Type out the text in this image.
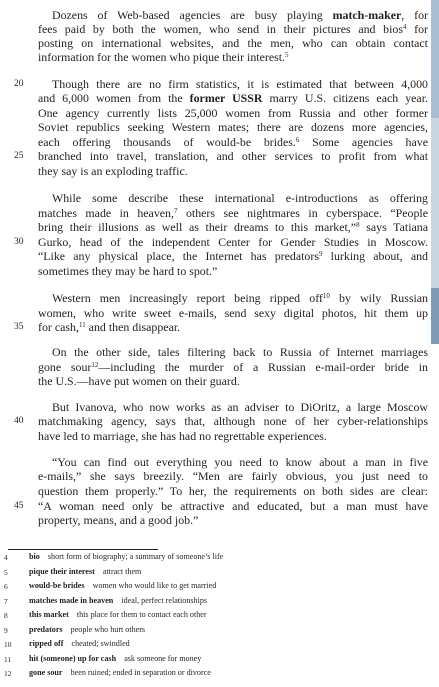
Dozens of Web-based agencies are busy playing match-maker, for
fees paid by both the women, who send in their pictures and bios$^4$ for
posting on international websites, and the men, who can obtain contact
information for the women who pique their interest.$^5$
Though there are no firm statistics, it is estimated that between 4,000
and 6,000 women from the former USSR marry U.S. citizens each year.
One agency currently lists 25,000 women from Russia and other former
Soviet republics seeking Western mates; there are dozens more agencies,
each offering thousands of would-be brides.$^6$ Some agencies have
branched into travel, translation, and other services to profit from what
they say is an exploding traffic.
While some describe these international e-introductions as offering
matches made in heaven,$^7$ others see nightmares in cyberspace. “People
bring their illusions as well as their dreams to this market,”$^8$ says Tatiana
Gurko, head of the independent Center for Gender Studies in Moscow.
“Like any physical place, the Internet has predators$^9$ lurking about, and
sometimes they may be hard to spot.”
Western men increasingly report being ripped off$^{10}$ by wily Russian
women, who write sweet e-mails, send sexy digital photos, hit them up
for cash,$^{11}$ and then disappear.
On the other side, tales filtering back to Russia of Internet marriages
gone sour$^{12}$—including the murder of a Russian e-mail-order bride in
the U.S.—have put women on their guard.
But Ivanova, who now works as an adviser to DiOritz, a large Moscow
matchmaking agency, says that, although none of her cyber-relationships
have led to marriage, she has had no regrettable experiences.
“You can find out everything you need to know about a man in five
e-mails,” she says breezily. “Men are fairly obvious, you just need to
question them properly.” To her, the requirements on both sides are clear:
“A woman need only be attractive and educated, but a man must have
property, means, and a good job.”
4	bio  short form of biography; a summary of someone’s life
5	pique their interest  attract them
6	would-be brides  women who would like to get married
7	matches made in heaven  ideal, perfect relationships
8	this market  this place for them to contact each other
9	predators  people who hurt others
10 ripped off  cheated; swindled
11 hit (someone) up for cash  ask someone for money
12 gone sour  been ruined; ended in separation or divorce
20
25
30
35
40
45
